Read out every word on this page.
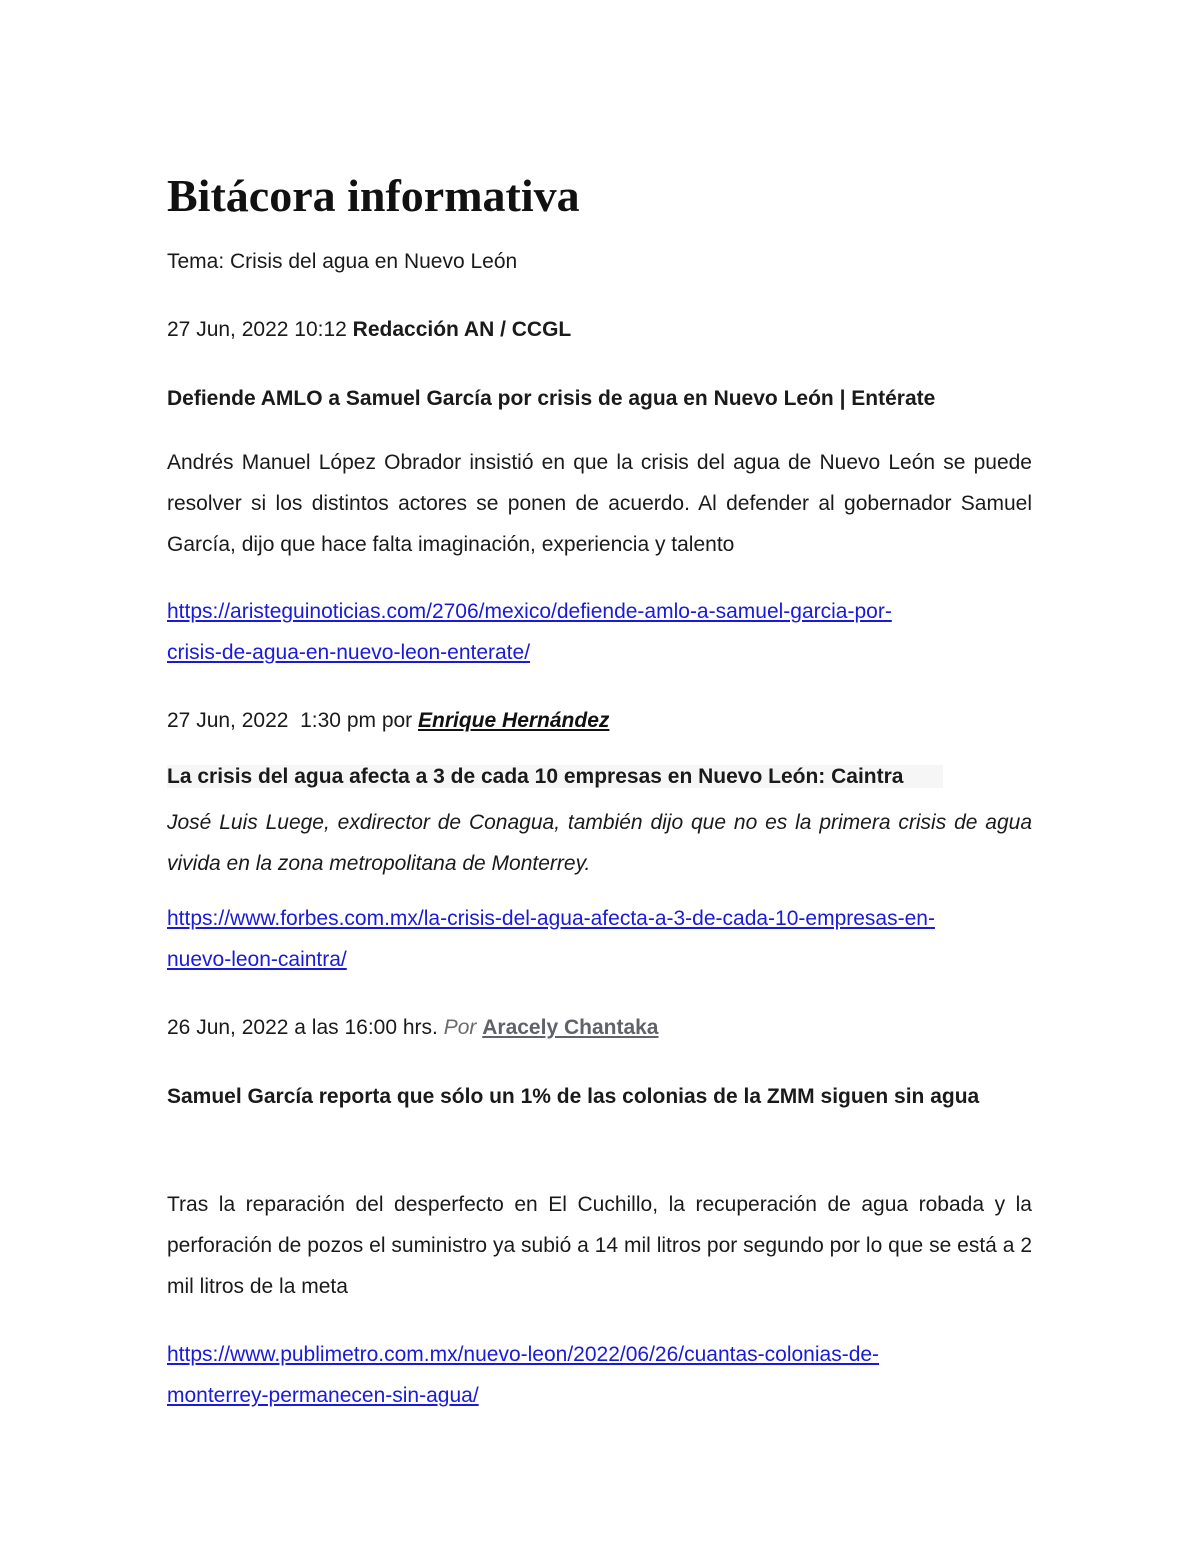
Bitácora informativa

Tema: Crisis del agua en Nuevo León

27 Jun, 2022 10:12 Redacción AN / CCGL

Defiende AMLO a Samuel García por crisis de agua en Nuevo León | Entérate

Andrés Manuel López Obrador insistió en que la crisis del agua de Nuevo León se puede resolver si los distintos actores se ponen de acuerdo. Al defender al gobernador Samuel García, dijo que hace falta imaginación, experiencia y talento

https://aristeguinoticias.com/2706/mexico/defiende-amlo-a-samuel-garcia-por-
crisis-de-agua-en-nuevo-leon-enterate/

27 Jun, 2022  1:30 pm por Enrique Hernández

La crisis del agua afecta a 3 de cada 10 empresas en Nuevo León: Caintra

José Luis Luege, exdirector de Conagua, también dijo que no es la primera crisis de agua vivida en la zona metropolitana de Monterrey.

https://www.forbes.com.mx/la-crisis-del-agua-afecta-a-3-de-cada-10-empresas-en-
nuevo-leon-caintra/

26 Jun, 2022 a las 16:00 hrs. Por Aracely Chantaka

Samuel García reporta que sólo un 1% de las colonias de la ZMM siguen sin agua

Tras la reparación del desperfecto en El Cuchillo, la recuperación de agua robada y la perforación de pozos el suministro ya subió a 14 mil litros por segundo por lo que se está a 2 mil litros de la meta

https://www.publimetro.com.mx/nuevo-leon/2022/06/26/cuantas-colonias-de-
monterrey-permanecen-sin-agua/
